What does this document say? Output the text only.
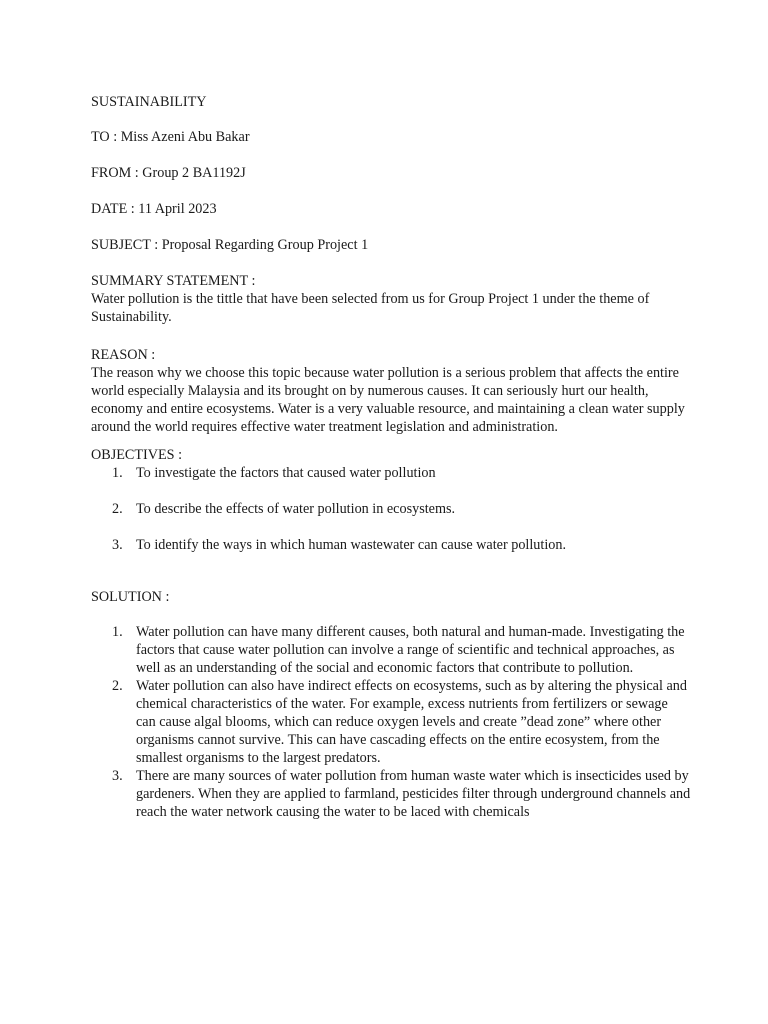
SUSTAINABILITY

TO : Miss Azeni Abu Bakar

FROM : Group 2 BA1192J

DATE : 11 April 2023

SUBJECT : Proposal Regarding Group Project 1

SUMMARY STATEMENT :

Water pollution is the tittle that have been selected from us for Group Project 1 under the theme of Sustainability.

REASON :

The reason why we choose this topic because water pollution is a serious problem that affects the entire world especially Malaysia and its brought on by numerous causes. It can seriously hurt our health, economy and entire ecosystems. Water is a very valuable resource, and maintaining a clean water supply around the world requires effective water treatment legislation and administration.

OBJECTIVES :

1. To investigate the factors that caused water pollution
2. To describe the effects of water pollution in ecosystems.
3. To identify the ways in which human wastewater can cause water pollution.

SOLUTION :

1. Water pollution can have many different causes, both natural and human-made. Investigating the factors that cause water pollution can involve a range of scientific and technical approaches, as well as an understanding of the social and economic factors that contribute to pollution.
2. Water pollution can also have indirect effects on ecosystems, such as by altering the physical and chemical characteristics of the water. For example, excess nutrients from fertilizers or sewage can cause algal blooms, which can reduce oxygen levels and create ”dead zone” where other organisms cannot survive. This can have cascading effects on the entire ecosystem, from the smallest organisms to the largest predators.
3. There are many sources of water pollution from human waste water which is insecticides used by gardeners. When they are applied to farmland, pesticides filter through underground channels and reach the water network causing the water to be laced with chemicals
